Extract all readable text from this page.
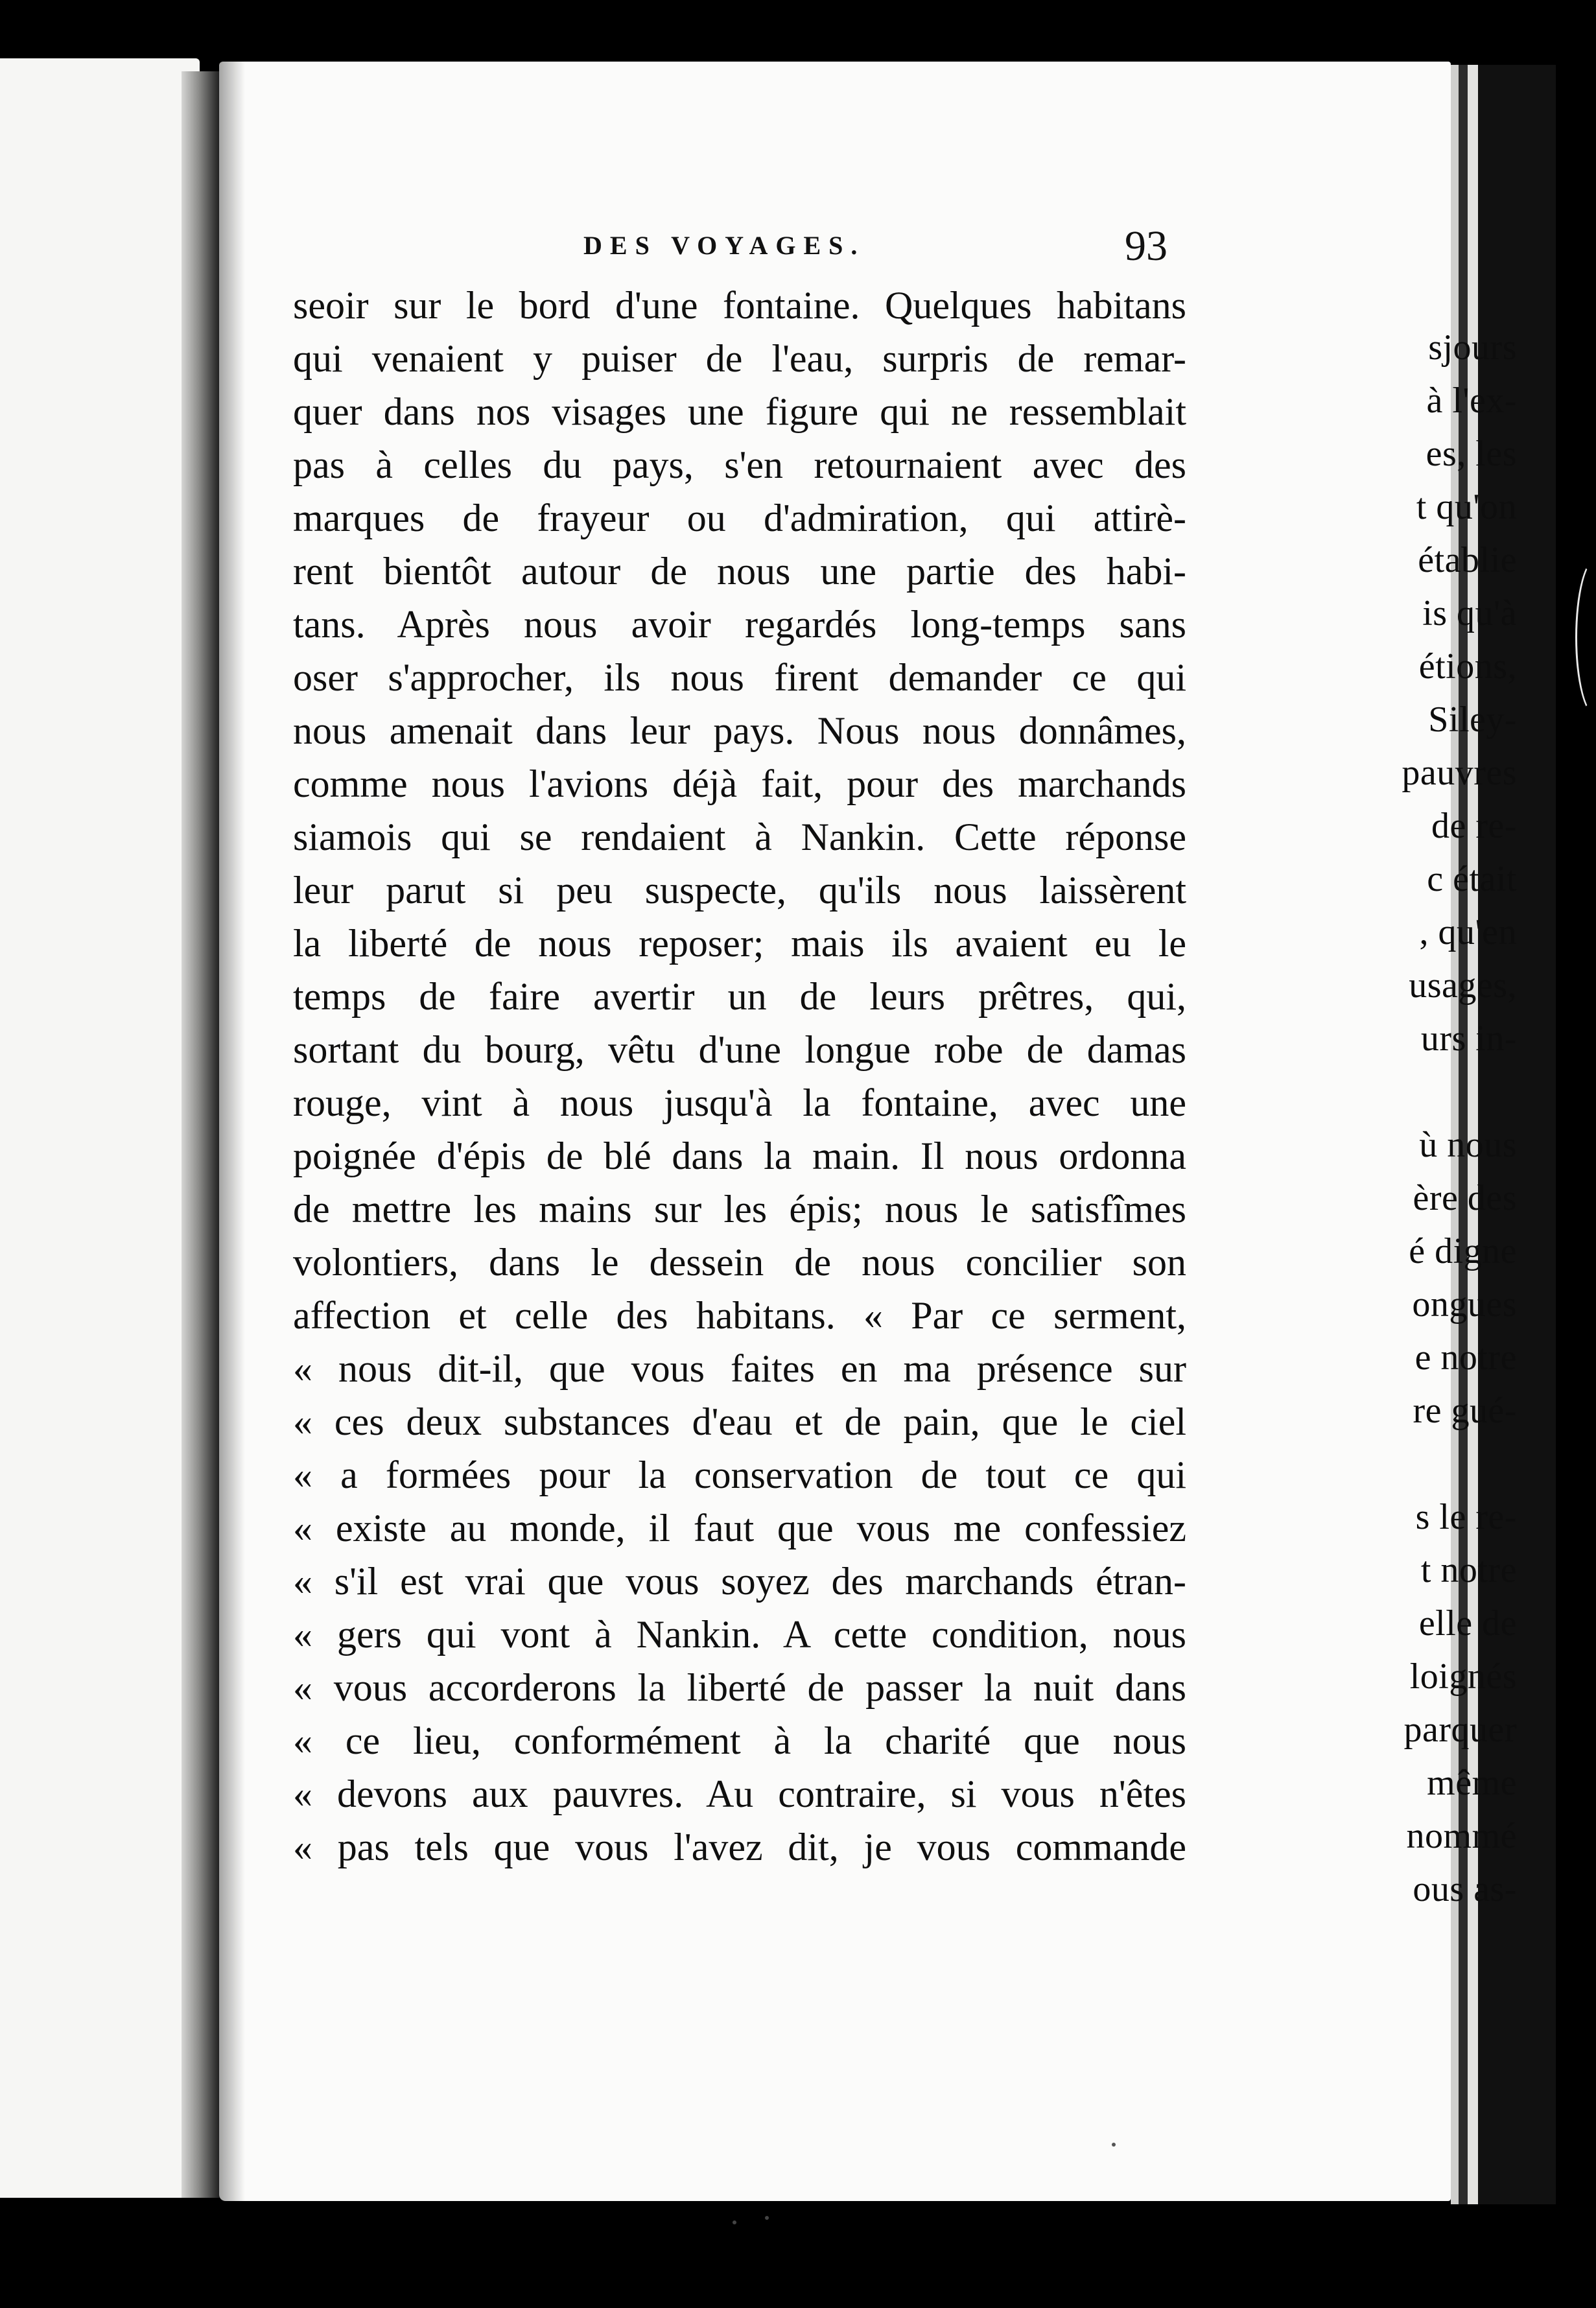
sjours
à l'ex-
es, les
t qu'on
établie
is qu'à
étions,
Siley-
pauvres
de re-
c était
, qu'en
usages,
urs in-
ù nous
ère des
é digne
ongues
e notre
re gué-
s le re-
t notre
elle de
loignés
parquer
même
nommé
ous as-
DES VOYAGES.	93
seoir sur le bord d'une fontaine. Quelques habitans
qui venaient y puiser de l'eau, surpris de remar-
quer dans nos visages une figure qui ne ressemblait
pas à celles du pays, s'en retournaient avec des
marques de frayeur ou d'admiration, qui attirè-
rent bientôt autour de nous une partie des habi-
tans. Après nous avoir regardés long-temps sans
oser s'approcher, ils nous firent demander ce qui
nous amenait dans leur pays. Nous nous donnâmes,
comme nous l'avions déjà fait, pour des marchands
siamois qui se rendaient à Nankin. Cette réponse
leur parut si peu suspecte, qu'ils nous laissèrent
la liberté de nous reposer; mais ils avaient eu le
temps de faire avertir un de leurs prêtres, qui,
sortant du bourg, vêtu d'une longue robe de damas
rouge, vint à nous jusqu'à la fontaine, avec une
poignée d'épis de blé dans la main. Il nous ordonna
de mettre les mains sur les épis; nous le satisfîmes
volontiers, dans le dessein de nous concilier son
affection et celle des habitans. « Par ce serment,
« nous dit-il, que vous faites en ma présence sur
« ces deux substances d'eau et de pain, que le ciel
« a formées pour la conservation de tout ce qui
« existe au monde, il faut que vous me confessiez
« s'il est vrai que vous soyez des marchands étran-
« gers qui vont à Nankin. A cette condition, nous
« vous accorderons la liberté de passer la nuit dans
« ce lieu, conformément à la charité que nous
« devons aux pauvres. Au contraire, si vous n'êtes
« pas tels que vous l'avez dit, je vous commande
